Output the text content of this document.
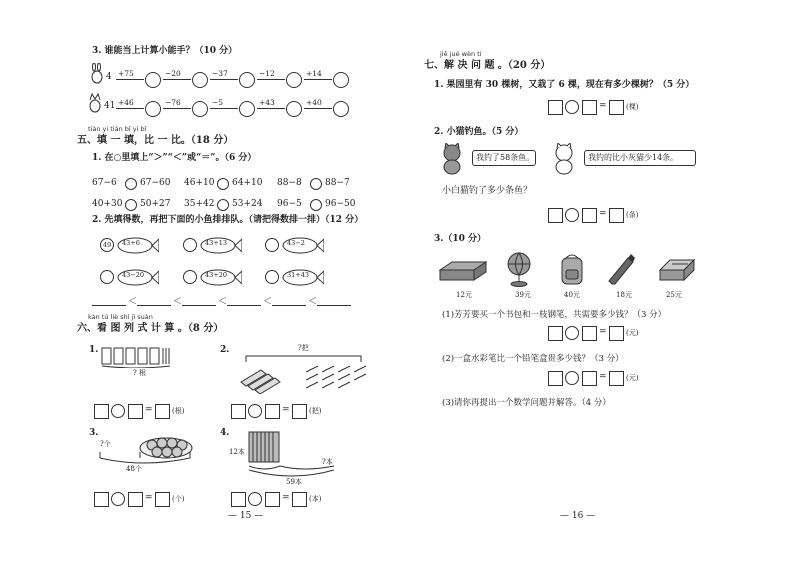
3. 谁能当上计算小能手？（10 分）
4 +75	−20	−37	−12	+14
41 +46	−76	−5	+43	+40
tián yi tián bǐ yi bǐ
五、填 一 填，比 一 比。（18 分）
1. 在○里填上“＞”“＜”或“＝”。（6 分）
67−6	67−60 46+10 64+10 88−8	88−7
40+30 50+27 35+42 53+24 96−5	96−50
2. 先填得数，再把下面的小鱼排排队。（请把得数排一排）（12 分）
49	43+6	43+13	43−2
43−20	43+20	31+43
＜	＜	＜	＜	＜
kàn tú liè shì jì suàn
六、看 图 列 式 计 算 。（8 分）
1.
? 根
=	(根)
2.	?把
=	(把)
3.
?个
48个
=	(个)
4.
12本
?本
59本
=	(本)
— 15 —
jiě jué wèn tí
七、解 决 问 题 。（20 分）
1. 果园里有 30 棵树，又栽了 6 棵，现在有多少棵树？（5 分）
=	(棵)
2. 小猫钓鱼。（5 分）
我钓了58条鱼。	我钓的比小灰猫少14条。
小白猫钓了多少条鱼？
=	(条)
3.（10 分）
12元	39元	40元	18元	25元
(1)芳芳要买一个书包和一枝钢笔，共需要多少钱？（3 分）
=	(元)
(2)一盒水彩笔比一个铅笔盒贵多少钱？（3 分）
=	(元)
(3)请你再提出一个数学问题并解答。（4 分）
— 16 —
